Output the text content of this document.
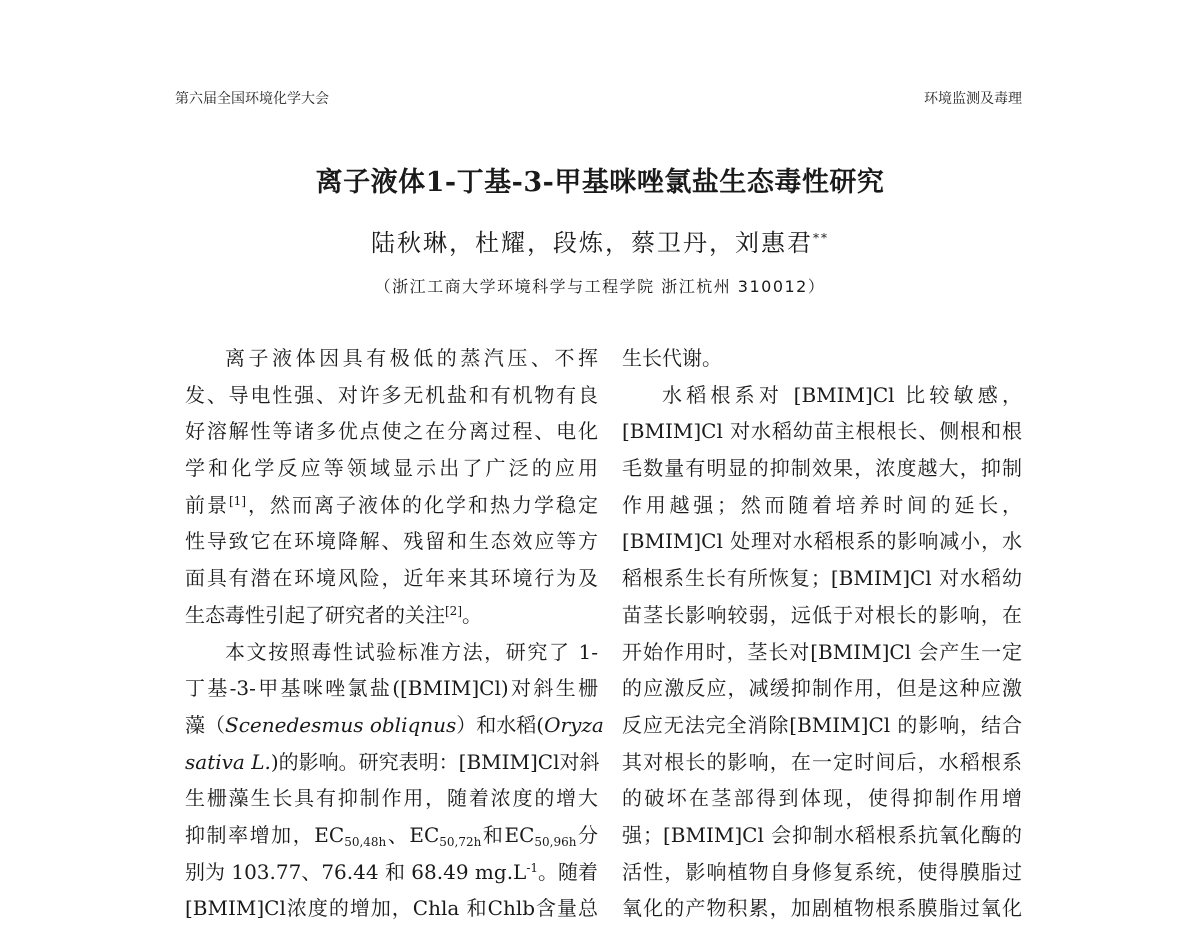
第六届全国环境化学大会	环境监测及毒理
离子液体1-丁基-3-甲基咪唑氯盐生态毒性研究
陆秋琳，杜耀，段炼，蔡卫丹，刘惠君**
（浙江工商大学环境科学与工程学院 浙江杭州 310012）
离子液体因具有极低的蒸汽压、不挥
发、导电性强、对许多无机盐和有机物有良
好溶解性等诸多优点使之在分离过程、电化
学和化学反应等领域显示出了广泛的应用
前景[1]，然而离子液体的化学和热力学稳定
性导致它在环境降解、残留和生态效应等方
面具有潜在环境风险，近年来其环境行为及
生态毒性引起了研究者的关注[2]。
本文按照毒性试验标准方法，研究了 1-
丁基-3-甲基咪唑氯盐([BMIM]Cl)对斜生栅
藻（Scenedesmus obliqnus）和水稻(Oryza
sativa L.)的影响。研究表明：[BMIM]Cl对斜
生栅藻生长具有抑制作用，随着浓度的增大
抑制率增加，$EC_{50,48h}$、$EC_{50,72h}$和$EC_{50,96h}$分
别为 103.77、76.44 和 68.49 $mg.L^{-1}$。随着
[BMIM]Cl浓度的增加，Chla 和Chlb含量总
生长代谢。
水稻根系对 [BMIM]Cl 比较敏感，
[BMIM]Cl 对水稻幼苗主根根长、侧根和根
毛数量有明显的抑制效果，浓度越大，抑制
作用越强；然而随着培养时间的延长，
[BMIM]Cl 处理对水稻根系的影响减小，水
稻根系生长有所恢复；[BMIM]Cl 对水稻幼
苗茎长影响较弱，远低于对根长的影响，在
开始作用时，茎长对[BMIM]Cl 会产生一定
的应激反应，减缓抑制作用，但是这种应激
反应无法完全消除[BMIM]Cl 的影响，结合
其对根长的影响，在一定时间后，水稻根系
的破坏在茎部得到体现，使得抑制作用增
强；[BMIM]Cl 会抑制水稻根系抗氧化酶的
活性，影响植物自身修复系统，使得膜脂过
氧化的产物积累，加剧植物根系膜脂过氧化
